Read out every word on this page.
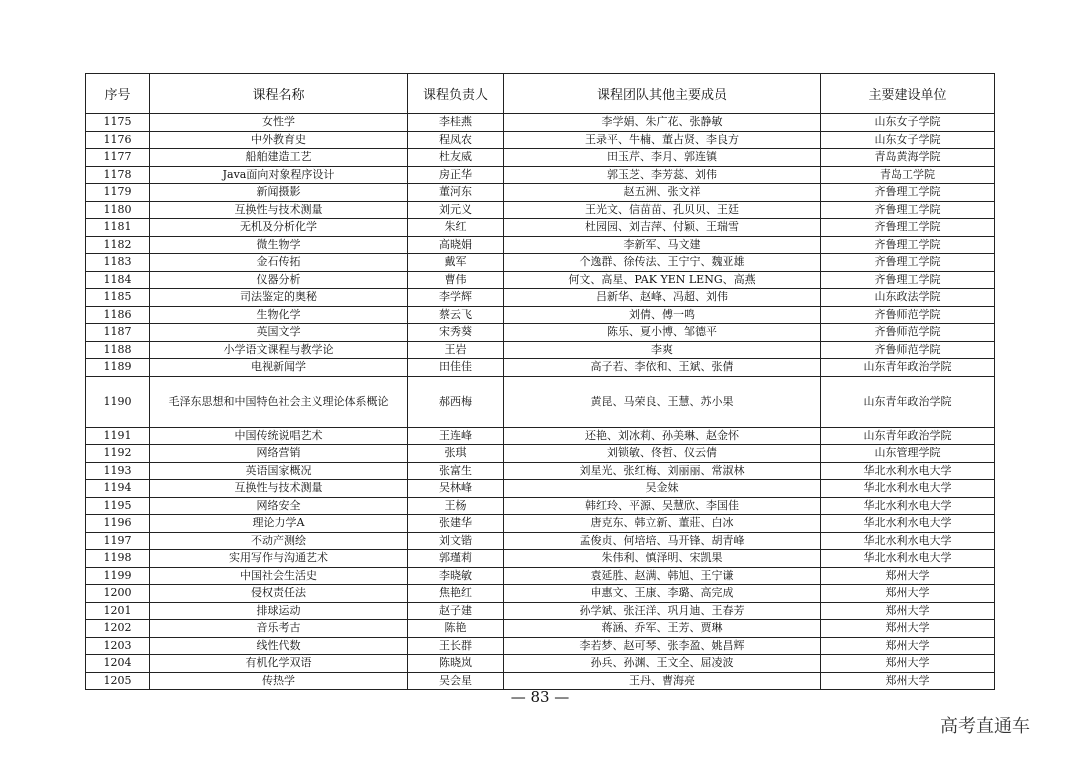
序号	课程名称	课程负责人	课程团队其他主要成员	主要建设单位
1175	女性学	李桂燕	李学娟、朱广花、张静敏	山东女子学院
1176	中外教育史	程凤农	王录平、牛楠、董占贤、李良方	山东女子学院
1177	船舶建造工艺	杜友威	田玉芹、李月、郭连镇	青岛黄海学院
1178	Java面向对象程序设计	房正华	郭玉芝、李芳蕊、刘伟	青岛工学院
1179	新闻摄影	董河东	赵五洲、张文祥	齐鲁理工学院
1180	互换性与技术测量	刘元义	王光文、信苗苗、孔贝贝、王廷	齐鲁理工学院
1181	无机及分析化学	朱红	杜园园、刘吉萍、付颖、王瑞雪	齐鲁理工学院
1182	微生物学	高晓娟	李新军、马文建	齐鲁理工学院
1183	金石传拓	戴军	个逸群、徐传法、王宁宁、魏亚雄	齐鲁理工学院
1184	仪器分析	曹伟	何文、高星、PAK YEN LENG、高燕	齐鲁理工学院
1185	司法鉴定的奥秘	李学辉	吕新华、赵峰、冯超、刘伟	山东政法学院
1186	生物化学	蔡云飞	刘倩、傅一鸣	齐鲁师范学院
1187	英国文学	宋秀葵	陈乐、夏小博、邹德平	齐鲁师范学院
1188	小学语文课程与教学论	王岩	李爽	齐鲁师范学院
1189	电视新闻学	田佳佳	高子若、李依和、王斌、张倩	山东青年政治学院
1190	毛泽东思想和中国特色社会主义理论体系概论	郝西梅	黄昆、马荣良、王慧、苏小果	山东青年政治学院
1191	中国传统说唱艺术	王连峰	还艳、刘冰莉、孙美琳、赵金怀	山东青年政治学院
1192	网络营销	张琪	刘锁敏、佟哲、仪云倩	山东管理学院
1193	英语国家概况	张富生	刘星光、张红梅、刘丽丽、常淑林	华北水利水电大学
1194	互换性与技术测量	吴林峰	吴金妹	华北水利水电大学
1195	网络安全	王杨	韩红玲、平源、吴慧欣、李国佳	华北水利水电大学
1196	理论力学A	张建华	唐克东、韩立新、董莊、白冰	华北水利水电大学
1197	不动产测绘	刘文锴	孟俊贞、何培培、马开锋、胡青峰	华北水利水电大学
1198	实用写作与沟通艺术	郭瑾莉	朱伟利、慎泽明、宋凯果	华北水利水电大学
1199	中国社会生活史	李晓敏	袁延胜、赵满、韩旭、王宁谦	郑州大学
1200	侵权责任法	焦艳红	申惠文、王康、李璐、高完成	郑州大学
1201	排球运动	赵子建	孙学斌、张汪洋、巩月迪、王春芳	郑州大学
1202	音乐考古	陈艳	蒋涵、乔军、王芳、贾琳	郑州大学
1203	线性代数	王长群	李若梦、赵可琴、张李盈、姚昌辉	郑州大学
1204	有机化学双语	陈晓岚	孙兵、孙渊、王文全、屈凌波	郑州大学
1205	传热学	吴会星	王丹、曹海亮	郑州大学
— 83 —
高考直通车
